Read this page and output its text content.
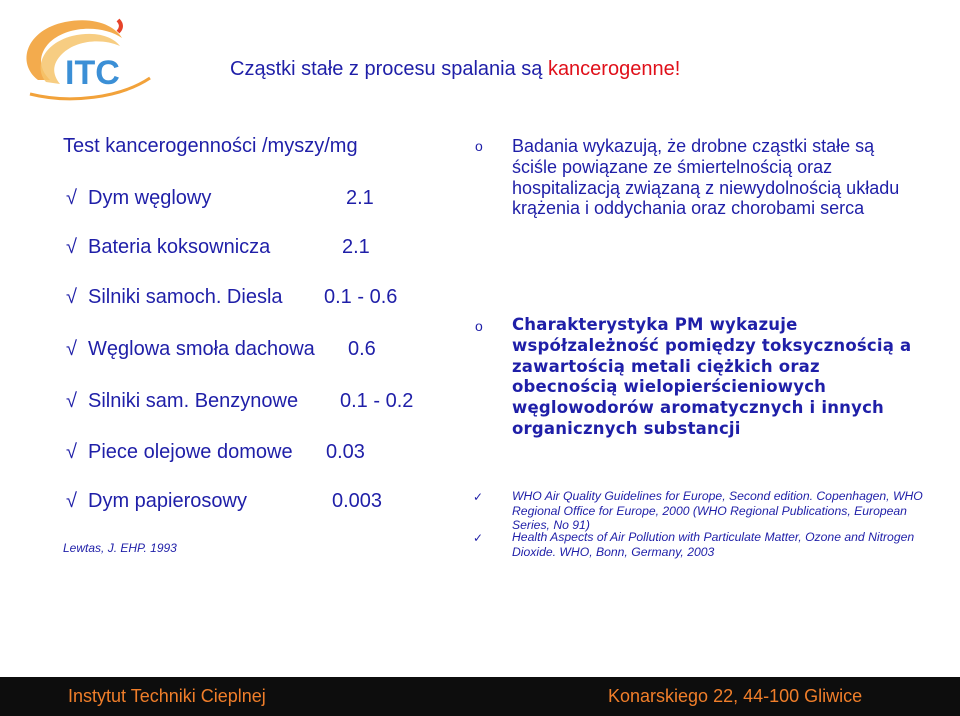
ITC	Cząstki stałe z procesu spalania są kancerogenne!
Test kancerogenności /myszy/mg
√ Dym węglowy	2.1
√ Bateria koksownicza	2.1
√ Silniki samoch. Diesla 0.1 - 0.6
√ Węglowa smoła dachowa 0.6
√ Silniki sam. Benzynowe 0.1 - 0.2
√ Piece olejowe domowe 0.03
√ Dym papierosowy	0.003
Lewtas, J. EHP. 1993
o Badania wykazują, że drobne cząstki stałe są ściśle powiązane ze śmiertelnością oraz hospitalizacją związaną z niewydolnością układu krążenia i oddychania oraz chorobami serca
o Charakterystyka PM wykazuje współzależność pomiędzy toksycznością a zawartością metali ciężkich oraz obecnością wielopierścieniowych węglowodorów aromatycznych i innych organicznych substancji
✓ WHO Air Quality Guidelines for Europe, Second edition. Copenhagen, WHO Regional Office for Europe, 2000 (WHO Regional Publications, European Series, No 91)
✓ Health Aspects of Air Pollution with Particulate Matter, Ozone and Nitrogen Dioxide. WHO, Bonn, Germany, 2003
Instytut Techniki Cieplnej	Konarskiego 22, 44-100 Gliwice
